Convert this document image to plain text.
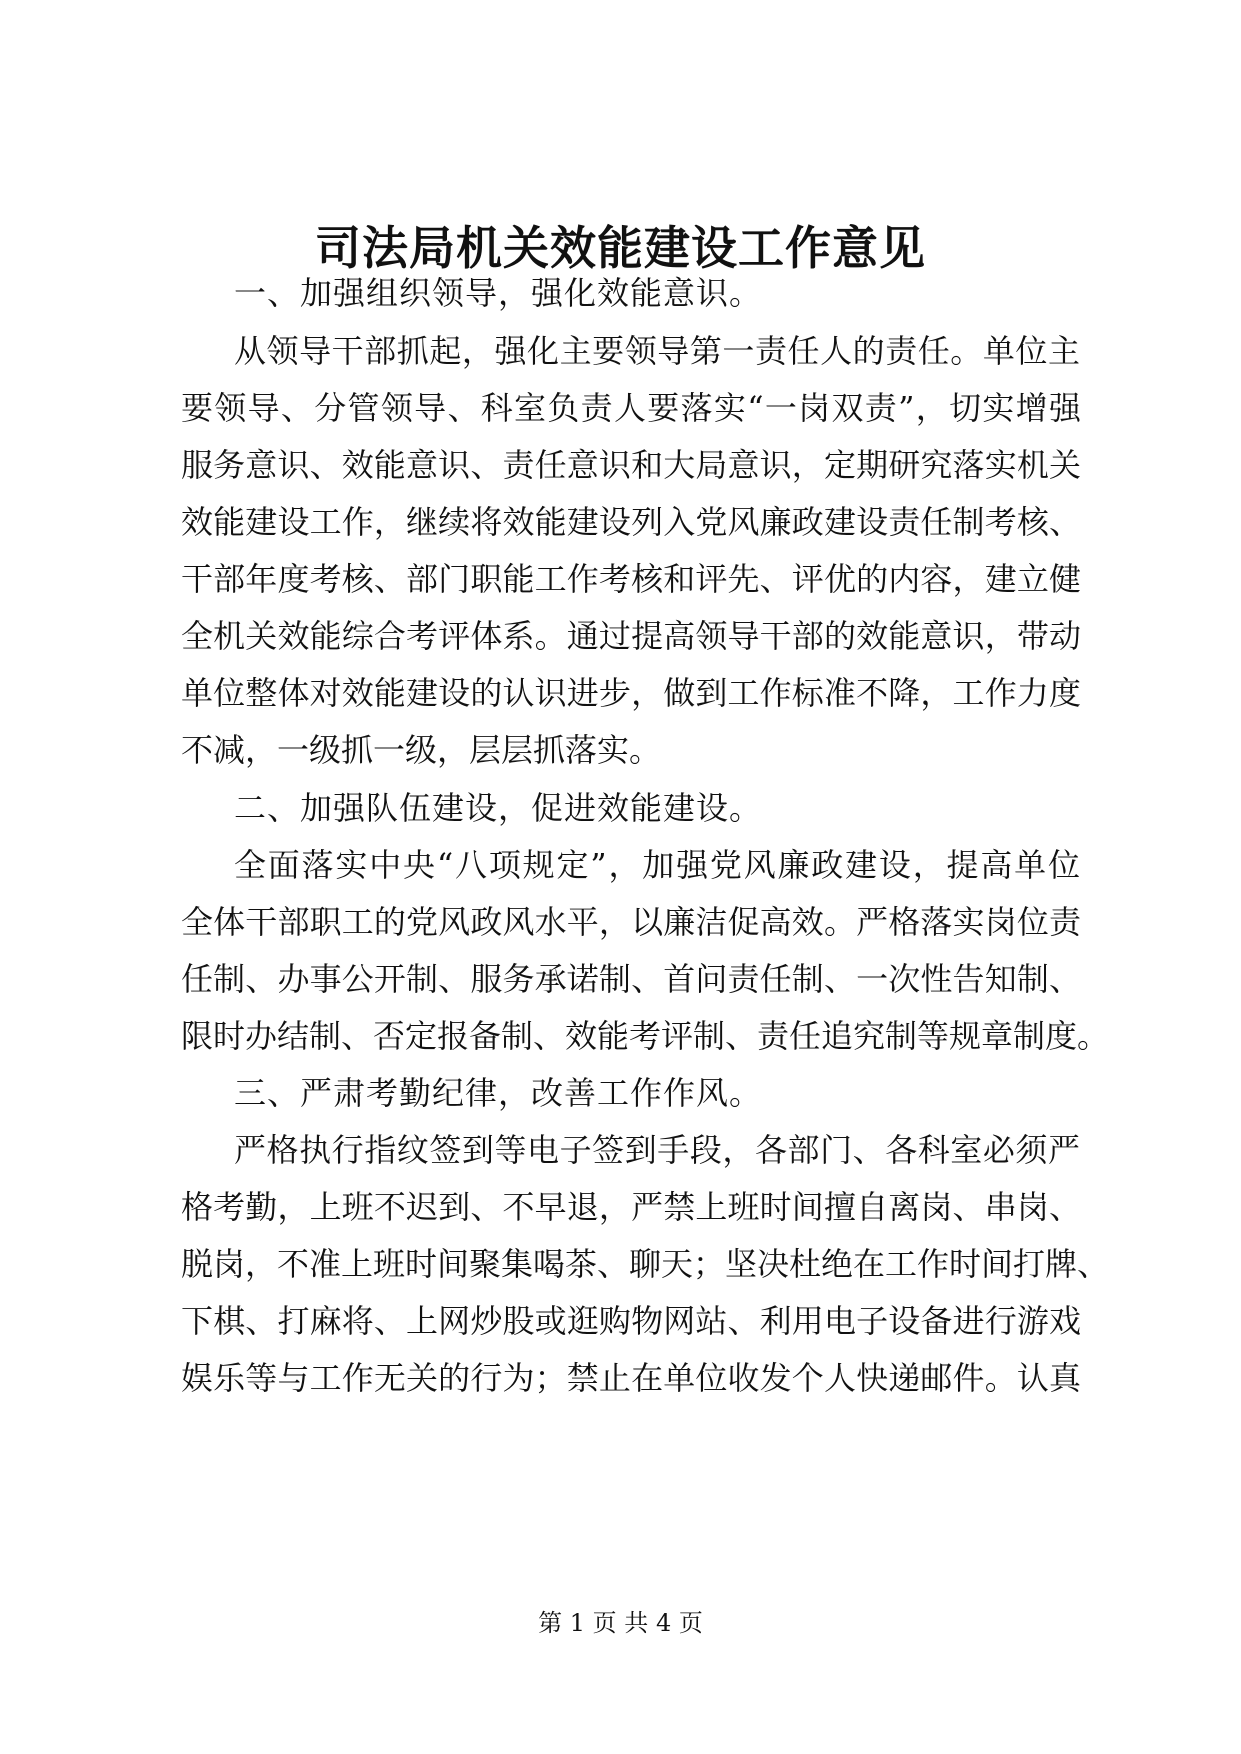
司法局机关效能建设工作意见
一、加强组织领导，强化效能意识。
从领导干部抓起，强化主要领导第一责任人的责任。单位主
要领导、分管领导、科室负责人要落实“一岗双责”，切实增强
服务意识、效能意识、责任意识和大局意识，定期研究落实机关
效能建设工作，继续将效能建设列入党风廉政建设责任制考核、
干部年度考核、部门职能工作考核和评先、评优的内容，建立健
全机关效能综合考评体系。通过提高领导干部的效能意识，带动
单位整体对效能建设的认识进步，做到工作标准不降，工作力度
不减，一级抓一级，层层抓落实。
二、加强队伍建设，促进效能建设。
全面落实中央“八项规定”，加强党风廉政建设，提高单位
全体干部职工的党风政风水平，以廉洁促高效。严格落实岗位责
任制、办事公开制、服务承诺制、首问责任制、一次性告知制、
限时办结制、否定报备制、效能考评制、责任追究制等规章制度。
三、严肃考勤纪律，改善工作作风。
严格执行指纹签到等电子签到手段，各部门、各科室必须严
格考勤，上班不迟到、不早退，严禁上班时间擅自离岗、串岗、
脱岗，不准上班时间聚集喝茶、聊天；坚决杜绝在工作时间打牌、
下棋、打麻将、上网炒股或逛购物网站、利用电子设备进行游戏
娱乐等与工作无关的行为；禁止在单位收发个人快递邮件。认真
第 1 页 共 4 页
